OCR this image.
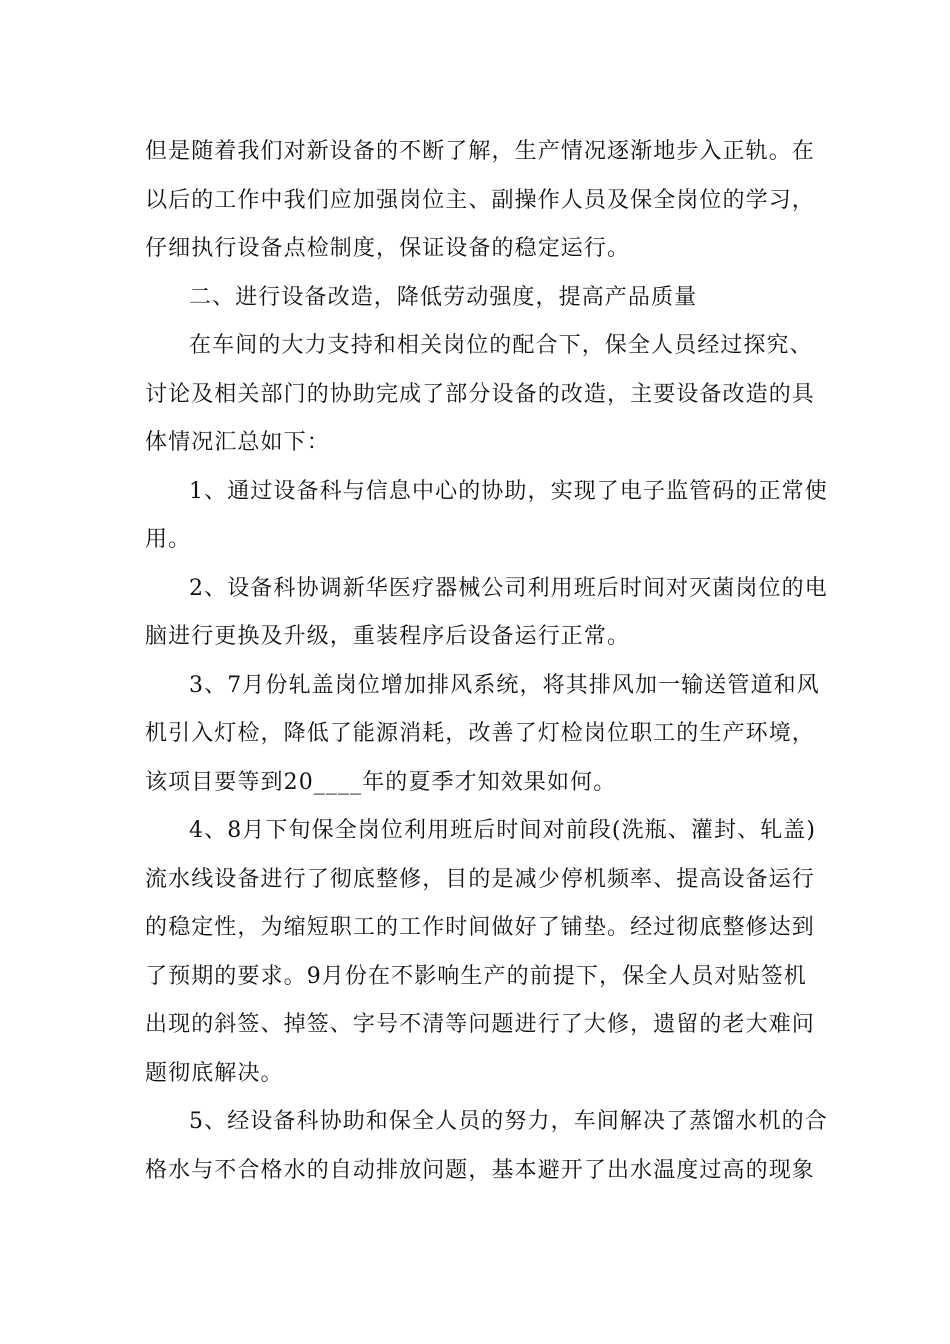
但是随着我们对新设备的不断了解，生产情况逐渐地步入正轨。在
以后的工作中我们应加强岗位主、副操作人员及保全岗位的学习，
仔细执行设备点检制度，保证设备的稳定运行。
二、进行设备改造，降低劳动强度，提高产品质量
在车间的大力支持和相关岗位的配合下，保全人员经过探究、
讨论及相关部门的协助完成了部分设备的改造，主要设备改造的具
体情况汇总如下：
1、通过设备科与信息中心的协助，实现了电子监管码的正常使
用。
2、设备科协调新华医疗器械公司利用班后时间对灭菌岗位的电
脑进行更换及升级，重装程序后设备运行正常。
3、7月份轧盖岗位增加排风系统，将其排风加一输送管道和风
机引入灯检，降低了能源消耗，改善了灯检岗位职工的生产环境，
该项目要等到20____年的夏季才知效果如何。
4、8月下旬保全岗位利用班后时间对前段(洗瓶、灌封、轧盖)
流水线设备进行了彻底整修，目的是减少停机频率、提高设备运行
的稳定性，为缩短职工的工作时间做好了铺垫。经过彻底整修达到
了预期的要求。9月份在不影响生产的前提下，保全人员对贴签机
出现的斜签、掉签、字号不清等问题进行了大修，遗留的老大难问
题彻底解决。
5、经设备科协助和保全人员的努力，车间解决了蒸馏水机的合
格水与不合格水的自动排放问题，基本避开了出水温度过高的现象
